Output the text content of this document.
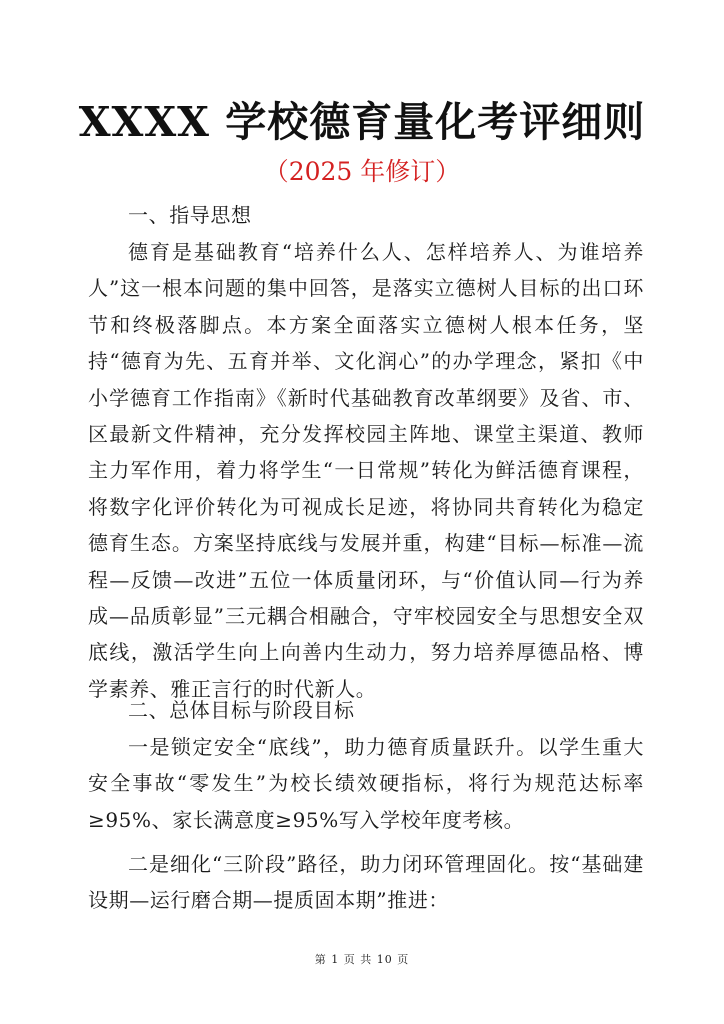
XXXX 学校德育量化考评细则
（2025 年修订）
一、指导思想

德育是基础教育“培养什么人、怎样培养人、为谁培养人”这一根本问题的集中回答，是落实立德树人目标的出口环节和终极落脚点。本方案全面落实立德树人根本任务，坚持“德育为先、五育并举、文化润心”的办学理念，紧扣《中小学德育工作指南》《新时代基础教育改革纲要》及省、市、区最新文件精神，充分发挥校园主阵地、课堂主渠道、教师主力军作用，着力将学生“一日常规”转化为鲜活德育课程，将数字化评价转化为可视成长足迹，将协同共育转化为稳定德育生态。方案坚持底线与发展并重，构建“目标—标准—流程—反馈—改进”五位一体质量闭环，与“价值认同—行为养成—品质彰显”三元耦合相融合，守牢校园安全与思想安全双底线，激活学生向上向善内生动力，努力培养厚德品格、博学素养、雅正言行的时代新人。

二、总体目标与阶段目标

一是锁定安全“底线”，助力德育质量跃升。以学生重大安全事故“零发生”为校长绩效硬指标，将行为规范达标率≥95%、家长满意度≥95%写入学校年度考核。

二是细化“三阶段”路径，助力闭环管理固化。按“基础建设期—运行磨合期—提质固本期”推进：

第 1 页 共 10 页
